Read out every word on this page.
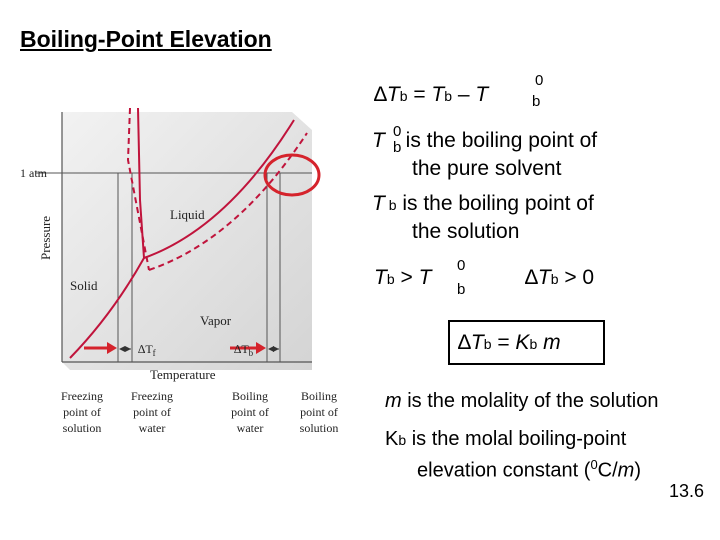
Boiling-Point Elevation
1 atm
Pressure
Liquid
Solid
Vapor
$\Delta T_f$	$\Delta T_b$
Temperature
Freezing
point of
solution
Freezing
point of
water
Boiling
point of
water
Boiling
point of
solution
∆Tb = Tb – T	b
0
T is the boiling point of
0
b
the pure solvent
T b is the boiling point of
the solution
Tb > T
0
b
∆Tb > 0
∆Tb = Kb m
m is the molality of the solution
Kb is the molal boiling-point
elevation constant ($^0$C/m)
13.6
